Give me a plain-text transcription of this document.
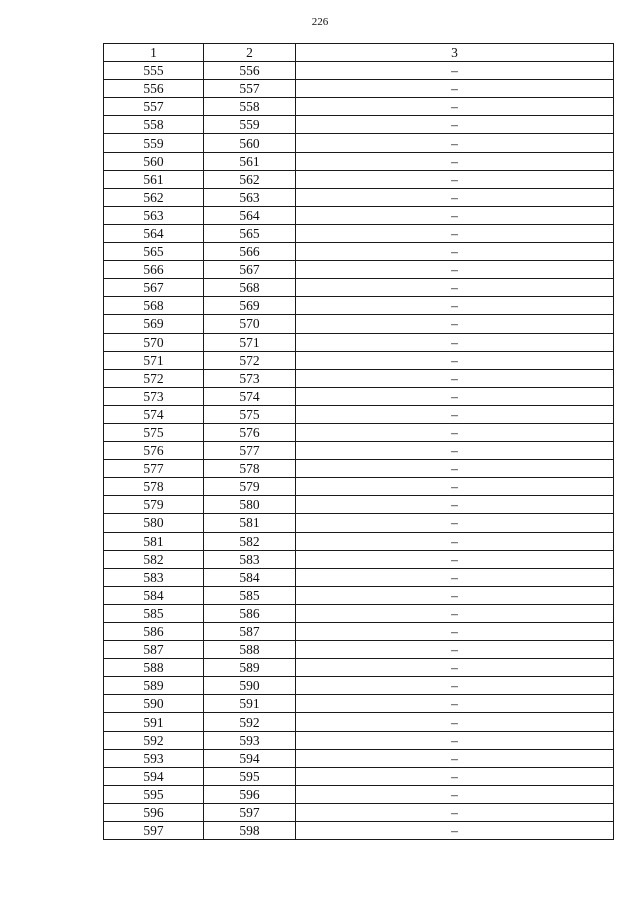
226
1	2	3
555	556	–
556	557	–
557	558	–
558	559	–
559	560	–
560	561	–
561	562	–
562	563	–
563	564	–
564	565	–
565	566	–
566	567	–
567	568	–
568	569	–
569	570	–
570	571	–
571	572	–
572	573	–
573	574	–
574	575	–
575	576	–
576	577	–
577	578	–
578	579	–
579	580	–
580	581	–
581	582	–
582	583	–
583	584	–
584	585	–
585	586	–
586	587	–
587	588	–
588	589	–
589	590	–
590	591	–
591	592	–
592	593	–
593	594	–
594	595	–
595	596	–
596	597	–
597	598	–
